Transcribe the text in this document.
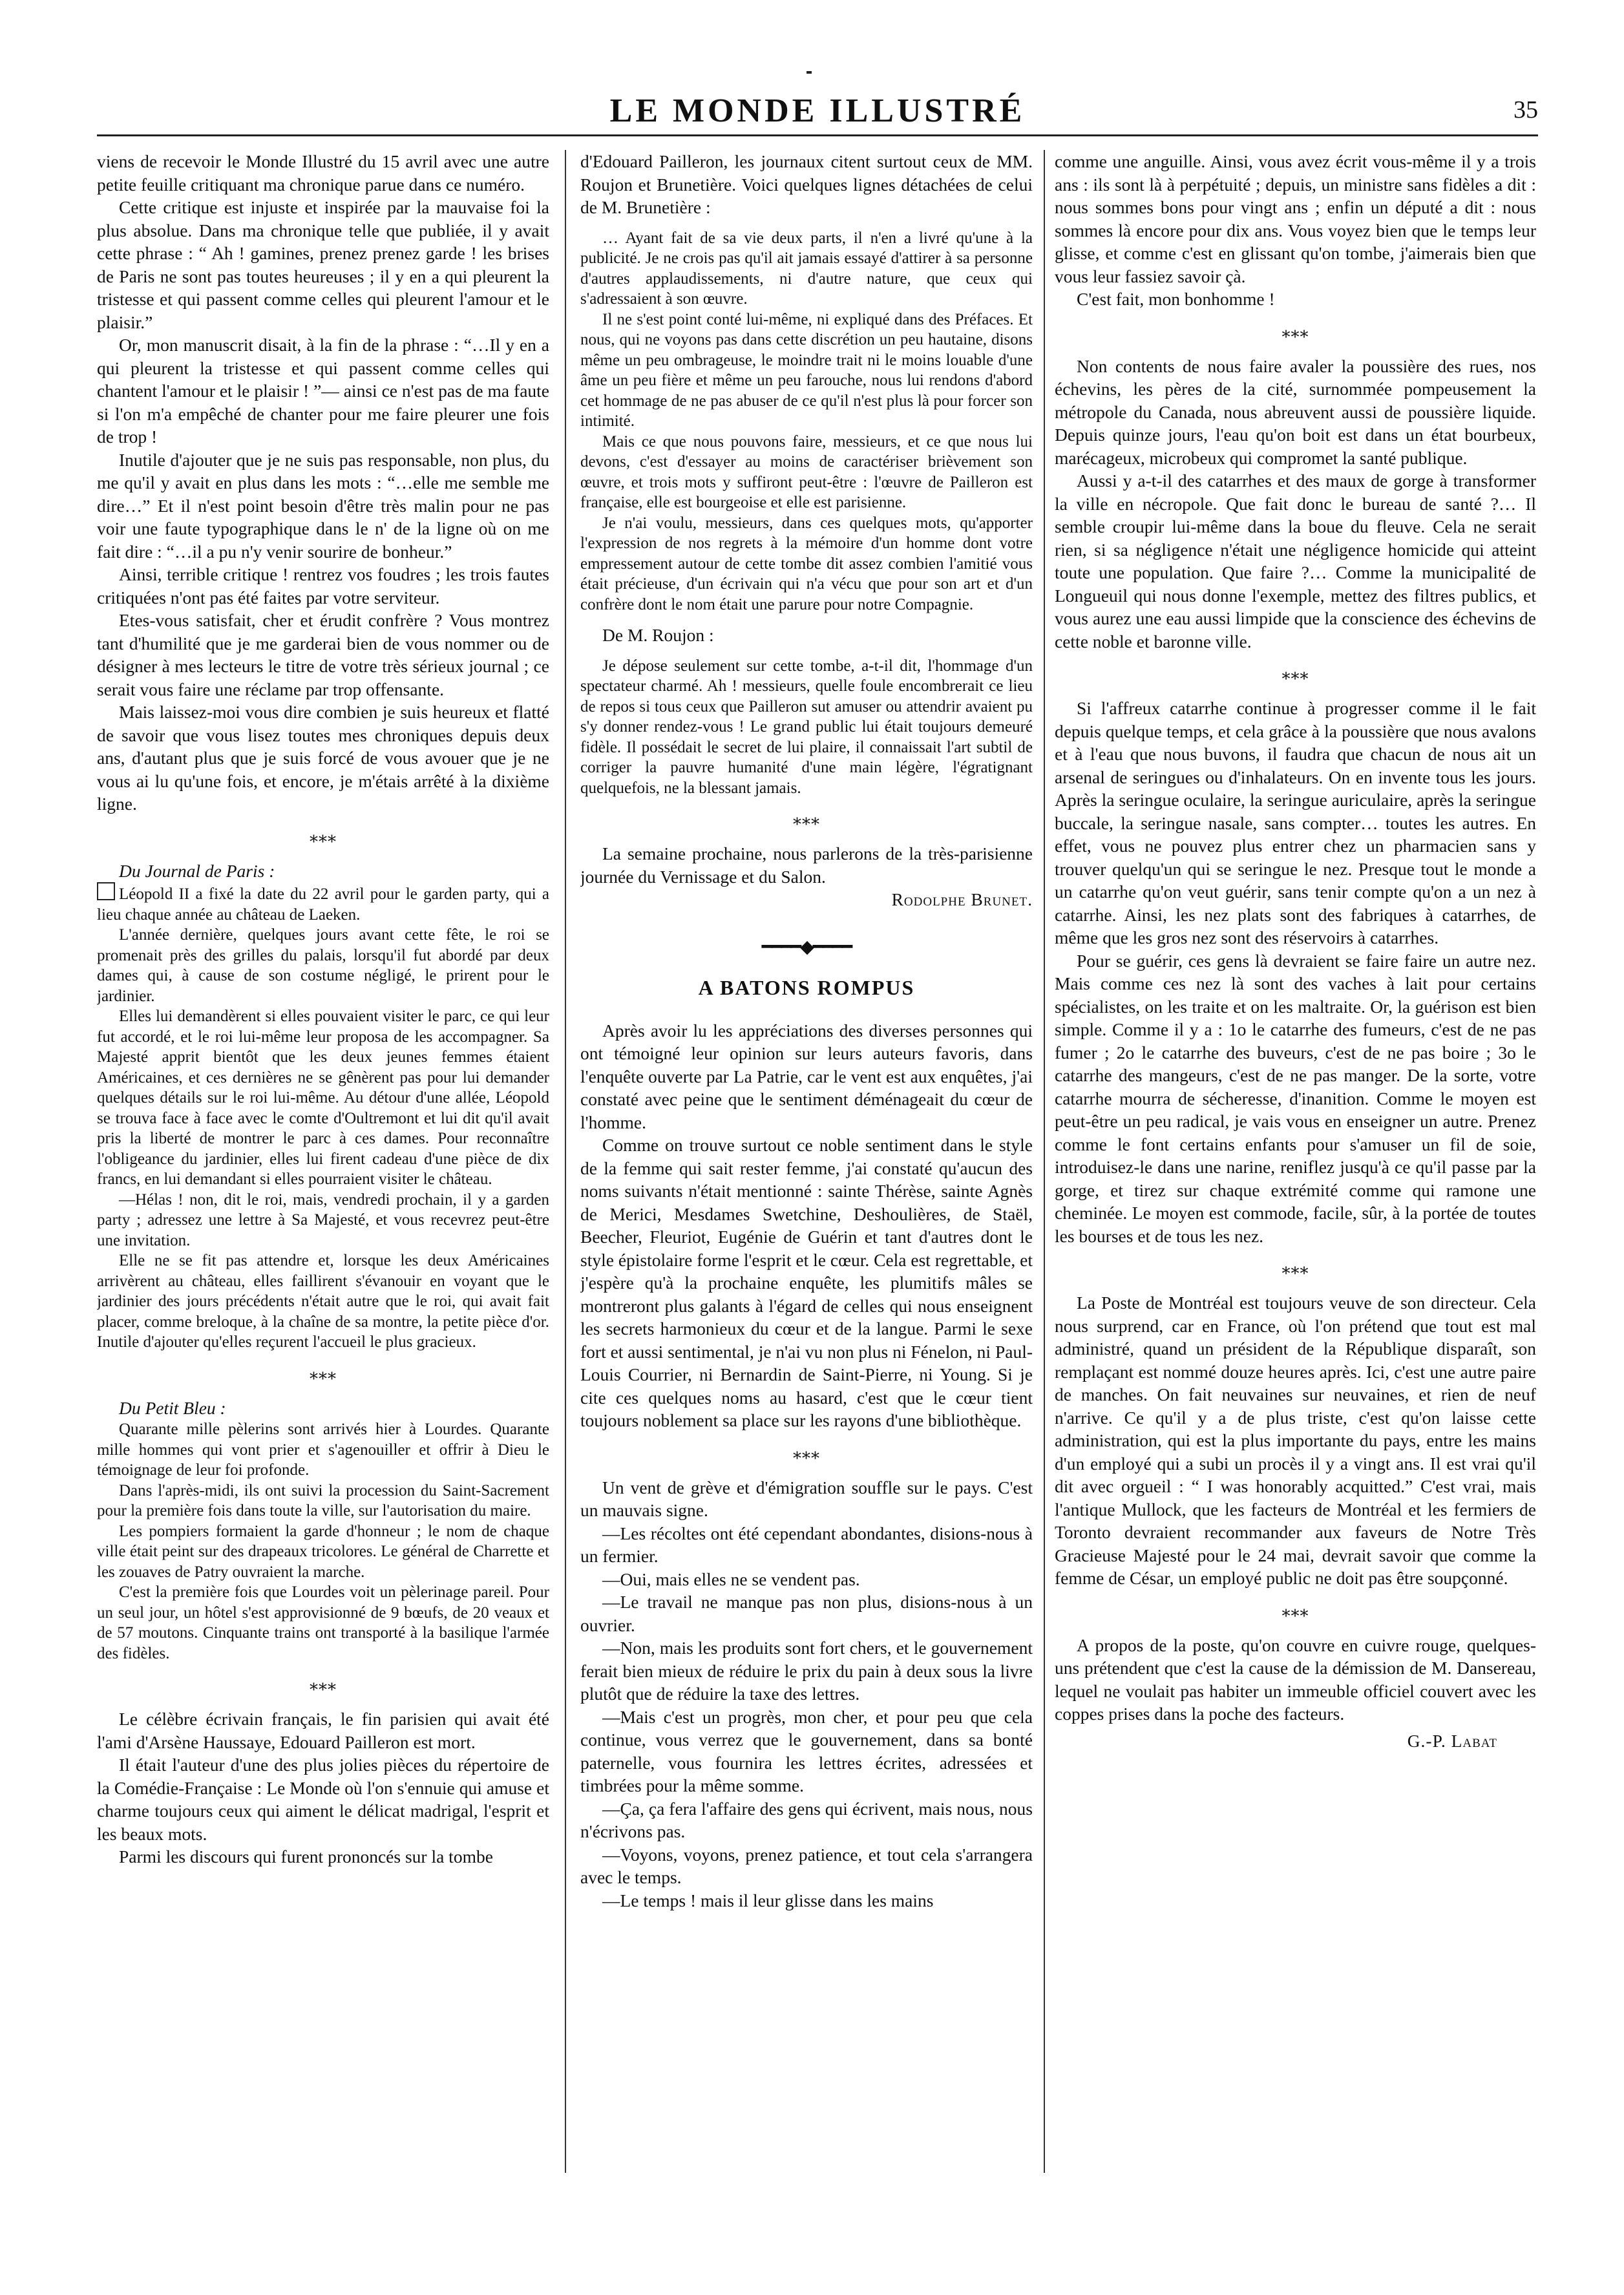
LE MONDE ILLUSTRÉ	35

viens de recevoir le Monde Illustré du 15 avril avec une autre petite feuille critiquant ma chronique parue dans ce numéro.

Cette critique est injuste et inspirée par la mauvaise foi la plus absolue. Dans ma chronique telle que publiée, il y avait cette phrase : “ Ah ! gamines, prenez prenez garde ! les brises de Paris ne sont pas toutes heureuses ; il y en a qui pleurent la tristesse et qui passent comme celles qui pleurent l'amour et le plaisir.”

Or, mon manuscrit disait, à la fin de la phrase : “…Il y en a qui pleurent la tristesse et qui passent comme celles qui chantent l'amour et le plaisir ! ”— ainsi ce n'est pas de ma faute si l'on m'a empêché de chanter pour me faire pleurer une fois de trop !

Inutile d'ajouter que je ne suis pas responsable, non plus, du me qu'il y avait en plus dans les mots : “…elle me semble me dire…” Et il n'est point besoin d'être très malin pour ne pas voir une faute typographique dans le n' de la ligne où on me fait dire : “…il a pu n'y venir sourire de bonheur.”

Ainsi, terrible critique ! rentrez vos foudres ; les trois fautes critiquées n'ont pas été faites par votre serviteur.

Etes-vous satisfait, cher et érudit confrère ? Vous montrez tant d'humilité que je me garderai bien de vous nommer ou de désigner à mes lecteurs le titre de votre très sérieux journal ; ce serait vous faire une réclame par trop offensante.

Mais laissez-moi vous dire combien je suis heureux et flatté de savoir que vous lisez toutes mes chroniques depuis deux ans, d'autant plus que je suis forcé de vous avouer que je ne vous ai lu qu'une fois, et encore, je m'étais arrêté à la dixième ligne.

⁎⁎⁎

Du Journal de Paris :

Léopold II a fixé la date du 22 avril pour le garden party, qui a lieu chaque année au château de Laeken.

L'année dernière, quelques jours avant cette fête, le roi se promenait près des grilles du palais, lorsqu'il fut abordé par deux dames qui, à cause de son costume négligé, le prirent pour le jardinier.

Elles lui demandèrent si elles pouvaient visiter le parc, ce qui leur fut accordé, et le roi lui-même leur proposa de les accompagner. Sa Majesté apprit bientôt que les deux jeunes femmes étaient Américaines, et ces dernières ne se gênèrent pas pour lui demander quelques détails sur le roi lui-même. Au détour d'une allée, Léopold se trouva face à face avec le comte d'Oultremont et lui dit qu'il avait pris la liberté de montrer le parc à ces dames. Pour reconnaître l'obligeance du jardinier, elles lui firent cadeau d'une pièce de dix francs, en lui demandant si elles pourraient visiter le château.

—Hélas ! non, dit le roi, mais, vendredi prochain, il y a garden party ; adressez une lettre à Sa Majesté, et vous recevrez peut-être une invitation.

Elle ne se fit pas attendre et, lorsque les deux Américaines arrivèrent au château, elles faillirent s'évanouir en voyant que le jardinier des jours précédents n'était autre que le roi, qui avait fait placer, comme breloque, à la chaîne de sa montre, la petite pièce d'or. Inutile d'ajouter qu'elles reçurent l'accueil le plus gracieux.

⁎⁎⁎

Du Petit Bleu :

Quarante mille pèlerins sont arrivés hier à Lourdes. Quarante mille hommes qui vont prier et s'agenouiller et offrir à Dieu le témoignage de leur foi profonde.

Dans l'après-midi, ils ont suivi la procession du Saint-Sacrement pour la première fois dans toute la ville, sur l'autorisation du maire.

Les pompiers formaient la garde d'honneur ; le nom de chaque ville était peint sur des drapeaux tricolores. Le général de Charrette et les zouaves de Patry ouvraient la marche.

C'est la première fois que Lourdes voit un pèlerinage pareil. Pour un seul jour, un hôtel s'est approvisionné de 9 bœufs, de 20 veaux et de 57 moutons. Cinquante trains ont transporté à la basilique l'armée des fidèles.

⁎⁎⁎

Le célèbre écrivain français, le fin parisien qui avait été l'ami d'Arsène Haussaye, Edouard Pailleron est mort.

Il était l'auteur d'une des plus jolies pièces du répertoire de la Comédie-Française : Le Monde où l'on s'ennuie qui amuse et charme toujours ceux qui aiment le délicat madrigal, l'esprit et les beaux mots.

Parmi les discours qui furent prononcés sur la tombe

d'Edouard Pailleron, les journaux citent surtout ceux de MM. Roujon et Brunetière. Voici quelques lignes détachées de celui de M. Brunetière :

… Ayant fait de sa vie deux parts, il n'en a livré qu'une à la publicité. Je ne crois pas qu'il ait jamais essayé d'attirer à sa personne d'autres applaudissements, ni d'autre nature, que ceux qui s'adressaient à son œuvre.

Il ne s'est point conté lui-même, ni expliqué dans des Préfaces. Et nous, qui ne voyons pas dans cette discrétion un peu hautaine, disons même un peu ombrageuse, le moindre trait ni le moins louable d'une âme un peu fière et même un peu farouche, nous lui rendons d'abord cet hommage de ne pas abuser de ce qu'il n'est plus là pour forcer son intimité.

Mais ce que nous pouvons faire, messieurs, et ce que nous lui devons, c'est d'essayer au moins de caractériser brièvement son œuvre, et trois mots y suffiront peut-être : l'œuvre de Pailleron est française, elle est bourgeoise et elle est parisienne.

Je n'ai voulu, messieurs, dans ces quelques mots, qu'apporter l'expression de nos regrets à la mémoire d'un homme dont votre empressement autour de cette tombe dit assez combien l'amitié vous était précieuse, d'un écrivain qui n'a vécu que pour son art et d'un confrère dont le nom était une parure pour notre Compagnie.

De M. Roujon :

Je dépose seulement sur cette tombe, a-t-il dit, l'hommage d'un spectateur charmé. Ah ! messieurs, quelle foule encombrerait ce lieu de repos si tous ceux que Pailleron sut amuser ou attendrir avaient pu s'y donner rendez-vous ! Le grand public lui était toujours demeuré fidèle. Il possédait le secret de lui plaire, il connaissait l'art subtil de corriger la pauvre humanité d'une main légère, l'égratignant quelquefois, ne la blessant jamais.

⁎⁎⁎

La semaine prochaine, nous parlerons de la très-parisienne journée du Vernissage et du Salon.

Rodolphe Brunet.
━━━━◆━━━━
A BATONS ROMPUS

Après avoir lu les appréciations des diverses personnes qui ont témoigné leur opinion sur leurs auteurs favoris, dans l'enquête ouverte par La Patrie, car le vent est aux enquêtes, j'ai constaté avec peine que le sentiment déménageait du cœur de l'homme.

Comme on trouve surtout ce noble sentiment dans le style de la femme qui sait rester femme, j'ai constaté qu'aucun des noms suivants n'était mentionné : sainte Thérèse, sainte Agnès de Merici, Mesdames Swetchine, Deshoulières, de Staël, Beecher, Fleuriot, Eugénie de Guérin et tant d'autres dont le style épistolaire forme l'esprit et le cœur. Cela est regrettable, et j'espère qu'à la prochaine enquête, les plumitifs mâles se montreront plus galants à l'égard de celles qui nous enseignent les secrets harmonieux du cœur et de la langue. Parmi le sexe fort et aussi sentimental, je n'ai vu non plus ni Fénelon, ni Paul-Louis Courrier, ni Bernardin de Saint-Pierre, ni Young. Si je cite ces quelques noms au hasard, c'est que le cœur tient toujours noblement sa place sur les rayons d'une bibliothèque.

⁎⁎⁎

Un vent de grève et d'émigration souffle sur le pays. C'est un mauvais signe.

—Les récoltes ont été cependant abondantes, disions-nous à un fermier.

—Oui, mais elles ne se vendent pas.

—Le travail ne manque pas non plus, disions-nous à un ouvrier.

—Non, mais les produits sont fort chers, et le gouvernement ferait bien mieux de réduire le prix du pain à deux sous la livre plutôt que de réduire la taxe des lettres.

—Mais c'est un progrès, mon cher, et pour peu que cela continue, vous verrez que le gouvernement, dans sa bonté paternelle, vous fournira les lettres écrites, adressées et timbrées pour la même somme.

—Ça, ça fera l'affaire des gens qui écrivent, mais nous, nous n'écrivons pas.

—Voyons, voyons, prenez patience, et tout cela s'arrangera avec le temps.

—Le temps ! mais il leur glisse dans les mains

comme une anguille. Ainsi, vous avez écrit vous-même il y a trois ans : ils sont là à perpétuité ; depuis, un ministre sans fidèles a dit : nous sommes bons pour vingt ans ; enfin un député a dit : nous sommes là encore pour dix ans. Vous voyez bien que le temps leur glisse, et comme c'est en glissant qu'on tombe, j'aimerais bien que vous leur fassiez savoir çà.

C'est fait, mon bonhomme !

⁎⁎⁎

Non contents de nous faire avaler la poussière des rues, nos échevins, les pères de la cité, surnommée pompeusement la métropole du Canada, nous abreuvent aussi de poussière liquide. Depuis quinze jours, l'eau qu'on boit est dans un état bourbeux, marécageux, microbeux qui compromet la santé publique.

Aussi y a-t-il des catarrhes et des maux de gorge à transformer la ville en nécropole. Que fait donc le bureau de santé ?… Il semble croupir lui-même dans la boue du fleuve. Cela ne serait rien, si sa négligence n'était une négligence homicide qui atteint toute une population. Que faire ?… Comme la municipalité de Longueuil qui nous donne l'exemple, mettez des filtres publics, et vous aurez une eau aussi limpide que la conscience des échevins de cette noble et baronne ville.

⁎⁎⁎

Si l'affreux catarrhe continue à progresser comme il le fait depuis quelque temps, et cela grâce à la poussière que nous avalons et à l'eau que nous buvons, il faudra que chacun de nous ait un arsenal de seringues ou d'inhalateurs. On en invente tous les jours. Après la seringue oculaire, la seringue auriculaire, après la seringue buccale, la seringue nasale, sans compter… toutes les autres. En effet, vous ne pouvez plus entrer chez un pharmacien sans y trouver quelqu'un qui se seringue le nez. Presque tout le monde a un catarrhe qu'on veut guérir, sans tenir compte qu'on a un nez à catarrhe. Ainsi, les nez plats sont des fabriques à catarrhes, de même que les gros nez sont des réservoirs à catarrhes.

Pour se guérir, ces gens là devraient se faire faire un autre nez. Mais comme ces nez là sont des vaches à lait pour certains spécialistes, on les traite et on les maltraite. Or, la guérison est bien simple. Comme il y a : 1o le catarrhe des fumeurs, c'est de ne pas fumer ; 2o le catarrhe des buveurs, c'est de ne pas boire ; 3o le catarrhe des mangeurs, c'est de ne pas manger. De la sorte, votre catarrhe mourra de sécheresse, d'inanition. Comme le moyen est peut-être un peu radical, je vais vous en enseigner un autre. Prenez comme le font certains enfants pour s'amuser un fil de soie, introduisez-le dans une narine, reniflez jusqu'à ce qu'il passe par la gorge, et tirez sur chaque extrémité comme qui ramone une cheminée. Le moyen est commode, facile, sûr, à la portée de toutes les bourses et de tous les nez.

⁎⁎⁎

La Poste de Montréal est toujours veuve de son directeur. Cela nous surprend, car en France, où l'on prétend que tout est mal administré, quand un président de la République disparaît, son remplaçant est nommé douze heures après. Ici, c'est une autre paire de manches. On fait neuvaines sur neuvaines, et rien de neuf n'arrive. Ce qu'il y a de plus triste, c'est qu'on laisse cette administration, qui est la plus importante du pays, entre les mains d'un employé qui a subi un procès il y a vingt ans. Il est vrai qu'il dit avec orgueil : “ I was honorably acquitted.” C'est vrai, mais l'antique Mullock, que les facteurs de Montréal et les fermiers de Toronto devraient recommander aux faveurs de Notre Très Gracieuse Majesté pour le 24 mai, devrait savoir que comme la femme de César, un employé public ne doit pas être soupçonné.

⁎⁎⁎

A propos de la poste, qu'on couvre en cuivre rouge, quelques-uns prétendent que c'est la cause de la démission de M. Dansereau, lequel ne voulait pas habiter un immeuble officiel couvert avec les coppes prises dans la poche des facteurs.

G.-P. Labat
